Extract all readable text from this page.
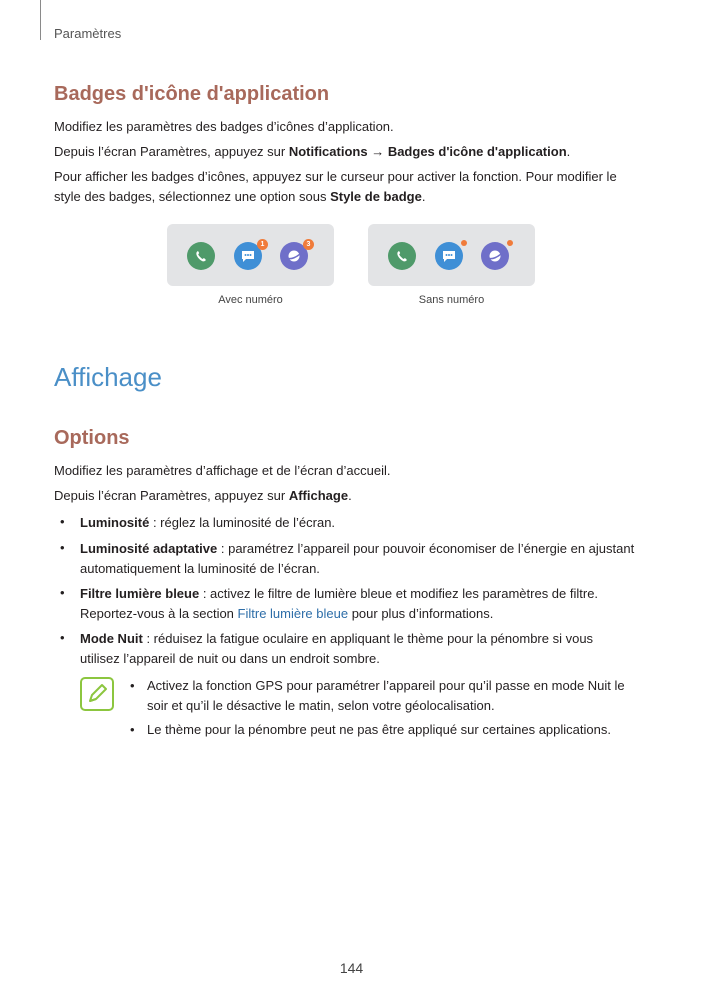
Paramètres
Badges d'icône d'application

Modifiez les paramètres des badges d’icônes d’application.

Depuis l’écran Paramètres, appuyez sur Notifications → Badges d'icône d'application.

Pour afficher les badges d’icônes, appuyez sur le curseur pour activer la fonction. Pour modifier le
style des badges, sélectionnez une option sous Style de badge.

1	3
Avec numéro	Sans numéro
Affichage
Options

Modifiez les paramètres d’affichage et de l’écran d’accueil.

Depuis l’écran Paramètres, appuyez sur Affichage.

• Luminosité : réglez la luminosité de l’écran.

• Luminosité adaptative : paramétrez l’appareil pour pouvoir économiser de l’énergie en ajustant
automatiquement la luminosité de l’écran.

• Filtre lumière bleue : activez le filtre de lumière bleue et modifiez les paramètres de filtre.
Reportez-vous à la section Filtre lumière bleue pour plus d’informations.

• Mode Nuit : réduisez la fatigue oculaire en appliquant le thème pour la pénombre si vous
utilisez l’appareil de nuit ou dans un endroit sombre.

• Activez la fonction GPS pour paramétrer l’appareil pour qu’il passe en mode Nuit le
soir et qu’il le désactive le matin, selon votre géolocalisation.

• Le thème pour la pénombre peut ne pas être appliqué sur certaines applications.

144
